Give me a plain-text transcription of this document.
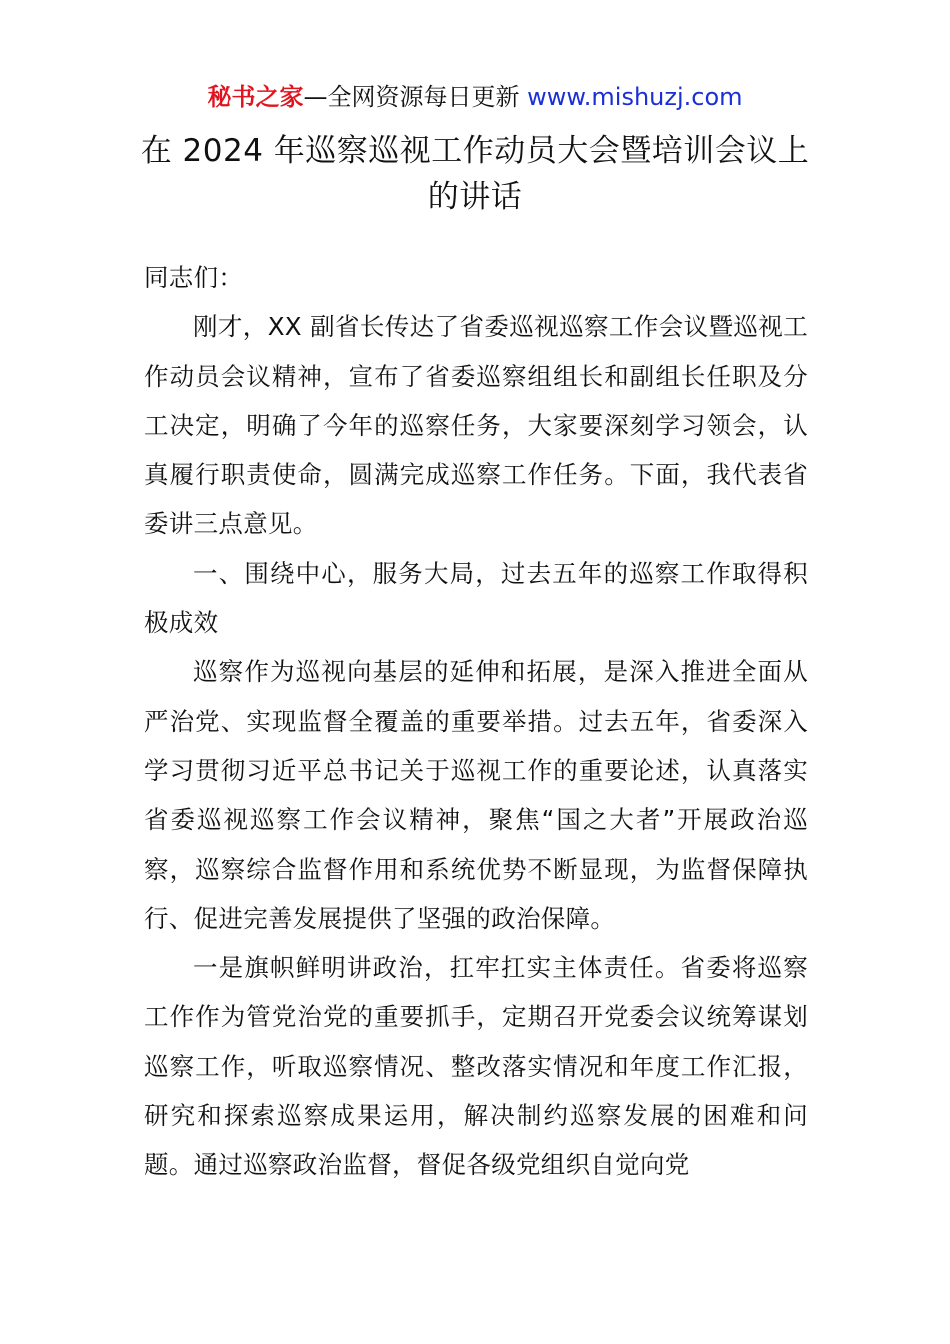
秘书之家—全网资源每日更新 www.mishuzj.com
在 2024 年巡察巡视工作动员大会暨培训会议上
的讲话

同志们：

刚才，XX 副省长传达了省委巡视巡察工作会议暨巡视工作动员会议精神，宣布了省委巡察组组长和副组长任职及分工决定，明确了今年的巡察任务，大家要深刻学习领会，认真履行职责使命，圆满完成巡察工作任务。下面，我代表省委讲三点意见。

一、围绕中心，服务大局，过去五年的巡察工作取得积极成效

巡察作为巡视向基层的延伸和拓展，是深入推进全面从严治党、实现监督全覆盖的重要举措。过去五年，省委深入学习贯彻习近平总书记关于巡视工作的重要论述，认真落实省委巡视巡察工作会议精神，聚焦“国之大者”开展政治巡察，巡察综合监督作用和系统优势不断显现，为监督保障执行、促进完善发展提供了坚强的政治保障。

一是旗帜鲜明讲政治，扛牢扛实主体责任。省委将巡察工作作为管党治党的重要抓手，定期召开党委会议统筹谋划巡察工作，听取巡察情况、整改落实情况和年度工作汇报，研究和探索巡察成果运用，解决制约巡察发展的困难和问题。通过巡察政治监督，督促各级党组织自觉向党
